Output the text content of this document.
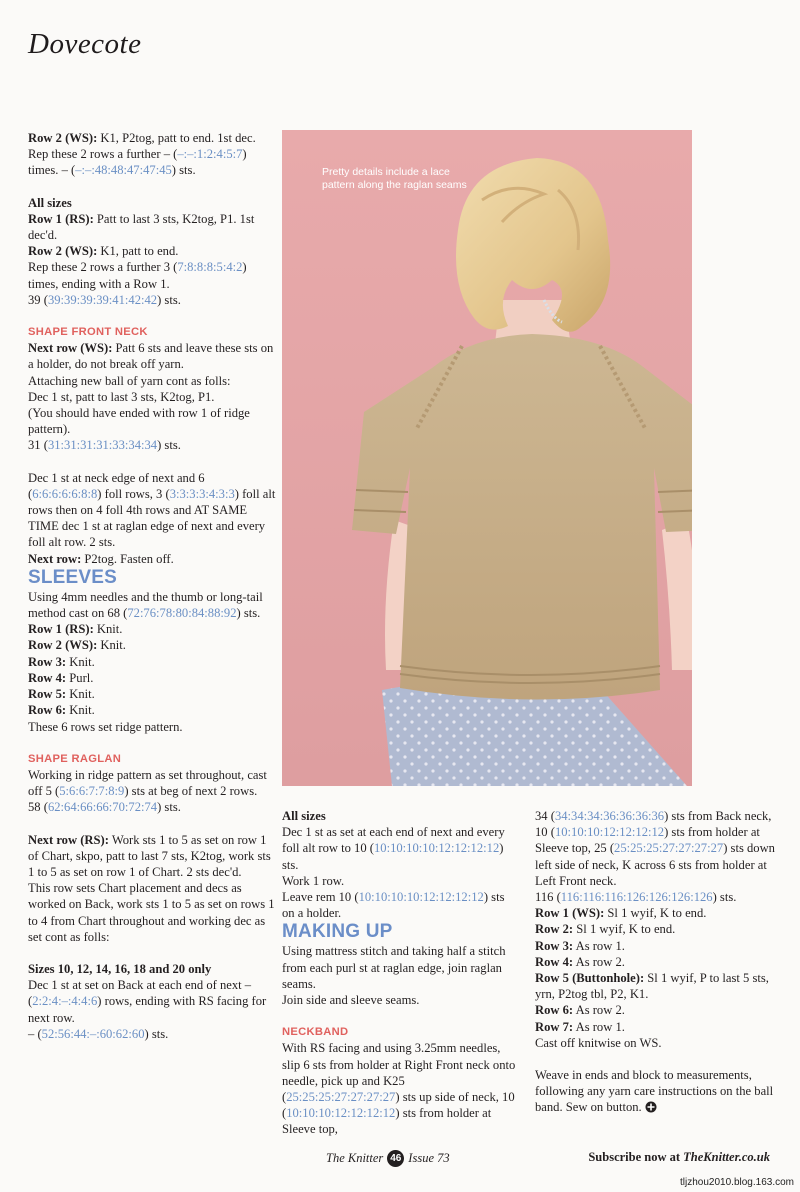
Dovecote

Row 2 (WS): K1, P2tog, patt to end. 1st dec. Rep these 2 rows a further – (–:–:1:2:4:5:7) times. – (–:–:48:48:47:47:45) sts.

All sizes

Row 1 (RS): Patt to last 3 sts, K2tog, P1. 1st dec'd.

Row 2 (WS): K1, patt to end.

Rep these 2 rows a further 3 (7:8:8:8:5:4:2) times, ending with a Row 1.

39 (39:39:39:39:41:42:42) sts.

SHAPE FRONT NECK

Next row (WS): Patt 6 sts and leave these sts on a holder, do not break off yarn.

Attaching new ball of yarn cont as folls:

Dec 1 st, patt to last 3 sts, K2tog, P1.

(You should have ended with row 1 of ridge pattern).

31 (31:31:31:31:33:34:34) sts.

Dec 1 st at neck edge of next and 6 (6:6:6:6:6:8:8) foll rows, 3 (3:3:3:3:4:3:3) foll alt rows then on 4 foll 4th rows and AT SAME TIME dec 1 st at raglan edge of next and every foll alt row. 2 sts.

Next row: P2tog. Fasten off.

SLEEVES

Using 4mm needles and the thumb or long-tail method cast on 68 (72:76:78:80:84:88:92) sts.

Row 1 (RS): Knit.

Row 2 (WS): Knit.

Row 3: Knit.

Row 4: Purl.

Row 5: Knit.

Row 6: Knit.

These 6 rows set ridge pattern.

SHAPE RAGLAN

Working in ridge pattern as set throughout, cast off 5 (5:6:6:7:7:8:9) sts at beg of next 2 rows.

58 (62:64:66:66:70:72:74) sts.

Next row (RS): Work sts 1 to 5 as set on row 1 of Chart, skpo, patt to last 7 sts, K2tog, work sts 1 to 5 as set on row 1 of Chart. 2 sts dec'd.

This row sets Chart placement and decs as worked on Back, work sts 1 to 5 as set on rows 1 to 4 from Chart throughout and working dec as set cont as folls:

Sizes 10, 12, 14, 16, 18 and 20 only

Dec 1 st at set on Back at each end of next – (2:2:4:–:4:4:6) rows, ending with RS facing for next row.

– (52:56:44:–:60:62:60) sts.

Pretty details include a lace pattern along the raglan seams

All sizes

Dec 1 st as set at each end of next and every foll alt row to 10 (10:10:10:10:12:12:12:12) sts.

Work 1 row.

Leave rem 10 (10:10:10:10:12:12:12:12) sts on a holder.

MAKING UP

Using mattress stitch and taking half a stitch from each purl st at raglan edge, join raglan seams.

Join side and sleeve seams.

NECKBAND

With RS facing and using 3.25mm needles, slip 6 sts from holder at Right Front neck onto needle, pick up and K25 (25:25:25:27:27:27:27) sts up side of neck, 10 (10:10:10:12:12:12:12) sts from holder at Sleeve top,

34 (34:34:34:36:36:36:36) sts from Back neck, 10 (10:10:10:12:12:12:12) sts from holder at Sleeve top, 25 (25:25:25:27:27:27:27) sts down left side of neck, K across 6 sts from holder at Left Front neck.

116 (116:116:116:126:126:126:126) sts.

Row 1 (WS): Sl 1 wyif, K to end.

Row 2: Sl 1 wyif, K to end.

Row 3: As row 1.

Row 4: As row 2.

Row 5 (Buttonhole): Sl 1 wyif, P to last 5 sts, yrn, P2tog tbl, P2, K1.

Row 6: As row 2.

Row 7: As row 1.

Cast off knitwise on WS.

Weave in ends and block to measurements, following any yarn care instructions on the ball band. Sew on button.

The Knitter 46 Issue 73	Subscribe now at TheKnitter.co.uk
tljzhou2010.blog.163.com
